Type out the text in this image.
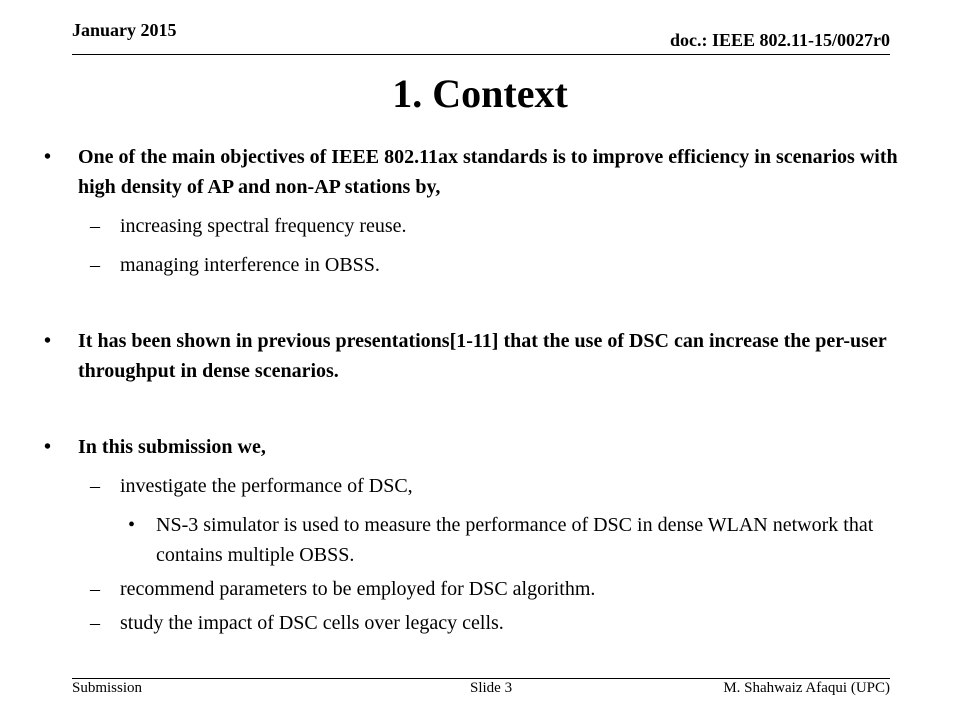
January 2015	doc.: IEEE 802.11-15/0027r0
1. Context
• One of the main objectives of IEEE 802.11ax standards is to improve efficiency in scenarios with high density of AP and non-AP stations by,
– increasing spectral frequency reuse.
– managing interference in OBSS.
• It has been shown in previous presentations[1-11] that the use of DSC can increase the per-user throughput in dense scenarios.
• In this submission we,
– investigate the performance of DSC,
• NS-3 simulator is used to measure the performance of DSC in dense WLAN network that contains multiple OBSS.
– recommend parameters to be employed for DSC algorithm.
– study the impact of DSC cells over legacy cells.
Submission	Slide 3	M. Shahwaiz Afaqui (UPC)
